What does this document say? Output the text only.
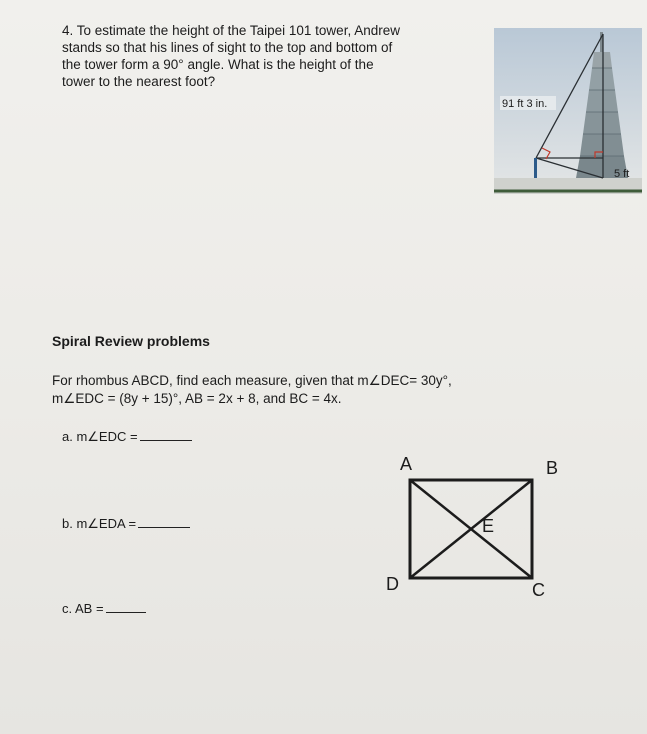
4. To estimate the height of the Taipei 101 tower, Andrew
stands so that his lines of sight to the top and bottom of
the tower form a 90° angle. What is the height of the
tower to the nearest foot?
91 ft 3 in.
5 ft
Spiral Review problems
For rhombus ABCD, find each measure, given that m∠DEC= 30y°,
m∠EDC = (8y + 15)°, AB = 2x + 8, and BC = 4x.
a. m∠EDC =
b. m∠EDA =
c. AB =
A	B
C
D
E
